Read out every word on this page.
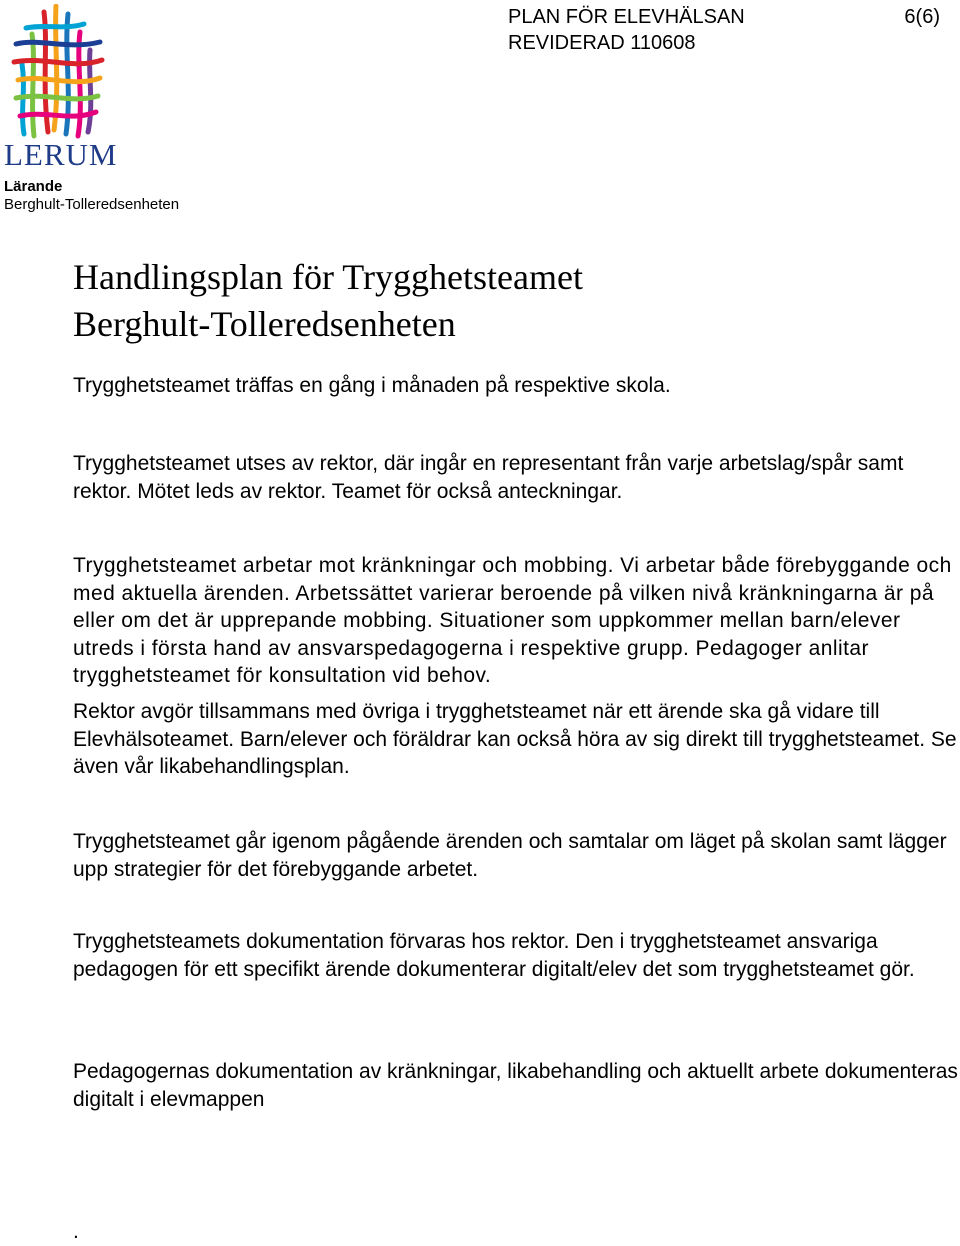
LERUM
Lärande
Berghult-Tolleredsenheten
PLAN FÖR ELEVHÄLSAN
REVIDERAD 110608
6(6)
Handlingsplan för Trygghetsteamet
Berghult-Tolleredsenheten

Trygghetsteamet träffas en gång i månaden på respektive skola.

Trygghetsteamet utses av rektor, där ingår en representant från varje arbetslag/spår samt rektor. Mötet leds av rektor. Teamet för också anteckningar.

Trygghetsteamet arbetar mot kränkningar och mobbing. Vi arbetar både förebyggande och med aktuella ärenden. Arbetssättet varierar beroende på vilken nivå kränkningarna är på eller om det är upprepande mobbing. Situationer som uppkommer mellan barn/elever utreds i första hand av ansvarspedagogerna i respektive grupp. Pedagoger anlitar trygghetsteamet för konsultation vid behov.

Rektor avgör tillsammans med övriga i trygghetsteamet när ett ärende ska gå vidare till Elevhälsoteamet. Barn/elever och föräldrar kan också höra av sig direkt till trygghetsteamet. Se även vår likabehandlingsplan.

Trygghetsteamet går igenom pågående ärenden och samtalar om läget på skolan samt lägger upp strategier för det förebyggande arbetet.

Trygghetsteamets dokumentation förvaras hos rektor. Den i trygghetsteamet ansvariga pedagogen för ett specifikt ärende dokumenterar digitalt/elev det som trygghetsteamet gör.

Pedagogernas dokumentation av kränkningar, likabehandling och aktuellt arbete dokumenteras digitalt i elevmappen

.
